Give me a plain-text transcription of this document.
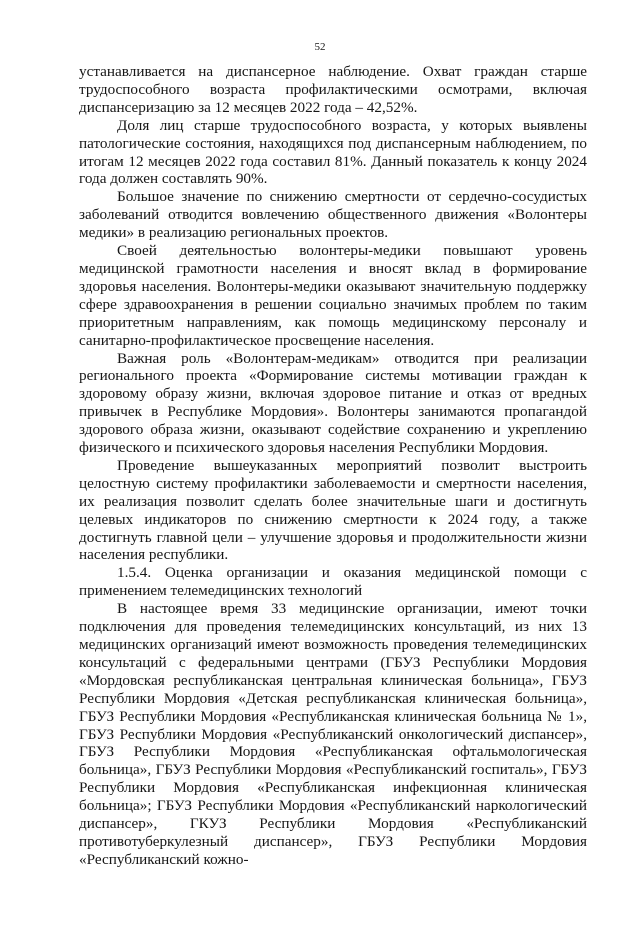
52

устанавливается на диспансерное наблюдение. Охват граждан старше трудоспособного возраста профилактическими осмотрами, включая диспансеризацию за 12 месяцев 2022 года – 42,52%.

Доля лиц старше трудоспособного возраста, у которых выявлены патологические состояния, находящихся под диспансерным наблюдением, по итогам 12 месяцев 2022 года составил 81%. Данный показатель к концу 2024 года должен составлять 90%.

Большое значение по снижению смертности от сердечно-сосудистых заболеваний отводится вовлечению общественного движения «Волонтеры медики» в реализацию региональных проектов.

Своей деятельностью волонтеры-медики повышают уровень медицинской грамотности населения и вносят вклад в формирование здоровья населения. Волонтеры-медики оказывают значительную поддержку сфере здравоохранения в решении социально значимых проблем по таким приоритетным направлениям, как помощь медицинскому персоналу и санитарно-профилактическое просвещение населения.

Важная роль «Волонтерам-медикам» отводится при реализации регионального проекта «Формирование системы мотивации граждан к здоровому образу жизни, включая здоровое питание и отказ от вредных привычек в Республике Мордовия». Волонтеры занимаются пропагандой здорового образа жизни, оказывают содействие сохранению и укреплению физического и психического здоровья населения Республики Мордовия.

Проведение вышеуказанных мероприятий позволит выстроить целостную систему профилактики заболеваемости и смертности населения, их реализация позволит сделать более значительные шаги и достигнуть целевых индикаторов по снижению смертности к 2024 году, а также достигнуть главной цели – улучшение здоровья и продолжительности жизни населения республики.

1.5.4. Оценка организации и оказания медицинской помощи с применением телемедицинских технологий

В настоящее время 33 медицинские организации, имеют точки подключения для проведения телемедицинских консультаций, из них 13 медицинских организаций имеют возможность проведения телемедицинских консультаций с федеральными центрами (ГБУЗ Республики Мордовия «Мордовская республиканская центральная клиническая больница», ГБУЗ Республики Мордовия «Детская республиканская клиническая больница», ГБУЗ Республики Мордовия «Республиканская клиническая больница № 1», ГБУЗ Республики Мордовия «Республиканский онкологический диспансер», ГБУЗ Республики Мордовия «Республиканская офтальмологическая больница», ГБУЗ Республики Мордовия «Республиканский госпиталь», ГБУЗ Республики Мордовия «Республиканская инфекционная клиническая больница»; ГБУЗ Республики Мордовия «Республиканский наркологический диспансер», ГКУЗ Республики Мордовия «Республиканский противотуберкулезный диспансер», ГБУЗ Республики Мордовия «Республиканский кожно-
